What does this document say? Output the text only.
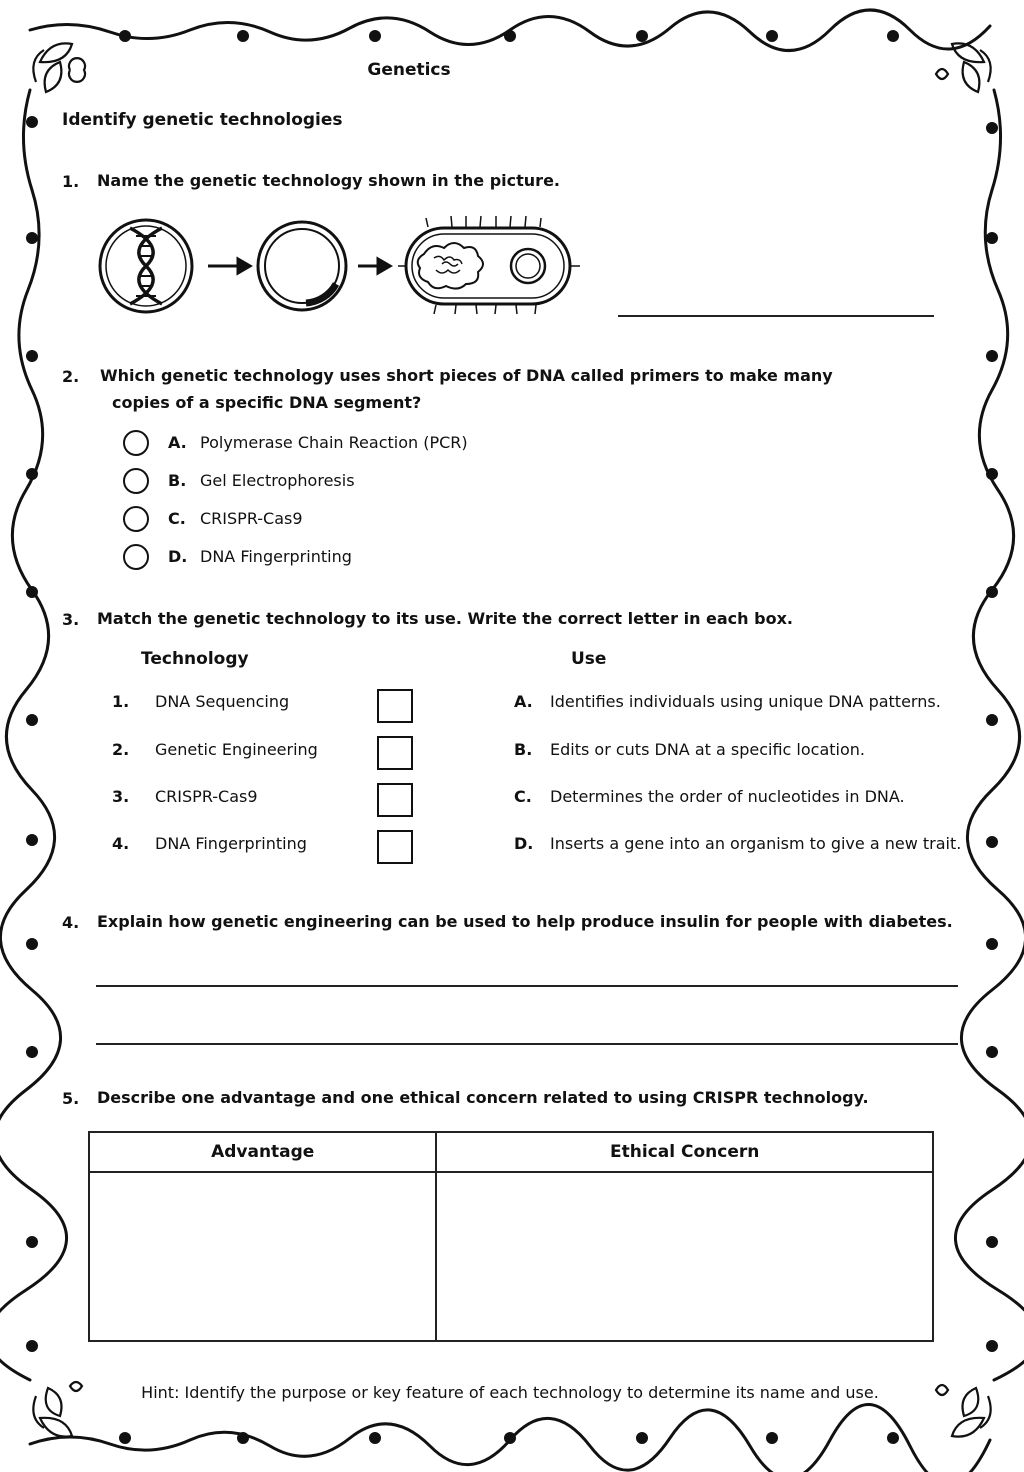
Genetics
Identify genetic technologies
1. Name the genetic technology shown in the picture.
2. Which genetic technology uses short pieces of DNA called primers to make many
copies of a specific DNA segment?
A. Polymerase Chain Reaction (PCR)
B. Gel Electrophoresis
C. CRISPR-Cas9
D. DNA Fingerprinting
3. Match the genetic technology to its use. Write the correct letter in each box.
Technology	Use
1. DNA Sequencing	A. Identifies individuals using unique DNA patterns.
2. Genetic Engineering	B. Edits or cuts DNA at a specific location.
3. CRISPR-Cas9	C. Determines the order of nucleotides in DNA.
4. DNA Fingerprinting	D. Inserts a gene into an organism to give a new trait.
4. Explain how genetic engineering can be used to help produce insulin for people with diabetes.
5. Describe one advantage and one ethical concern related to using CRISPR technology.
Advantage	Ethical Concern

Hint: Identify the purpose or key feature of each technology to determine its name and use.
